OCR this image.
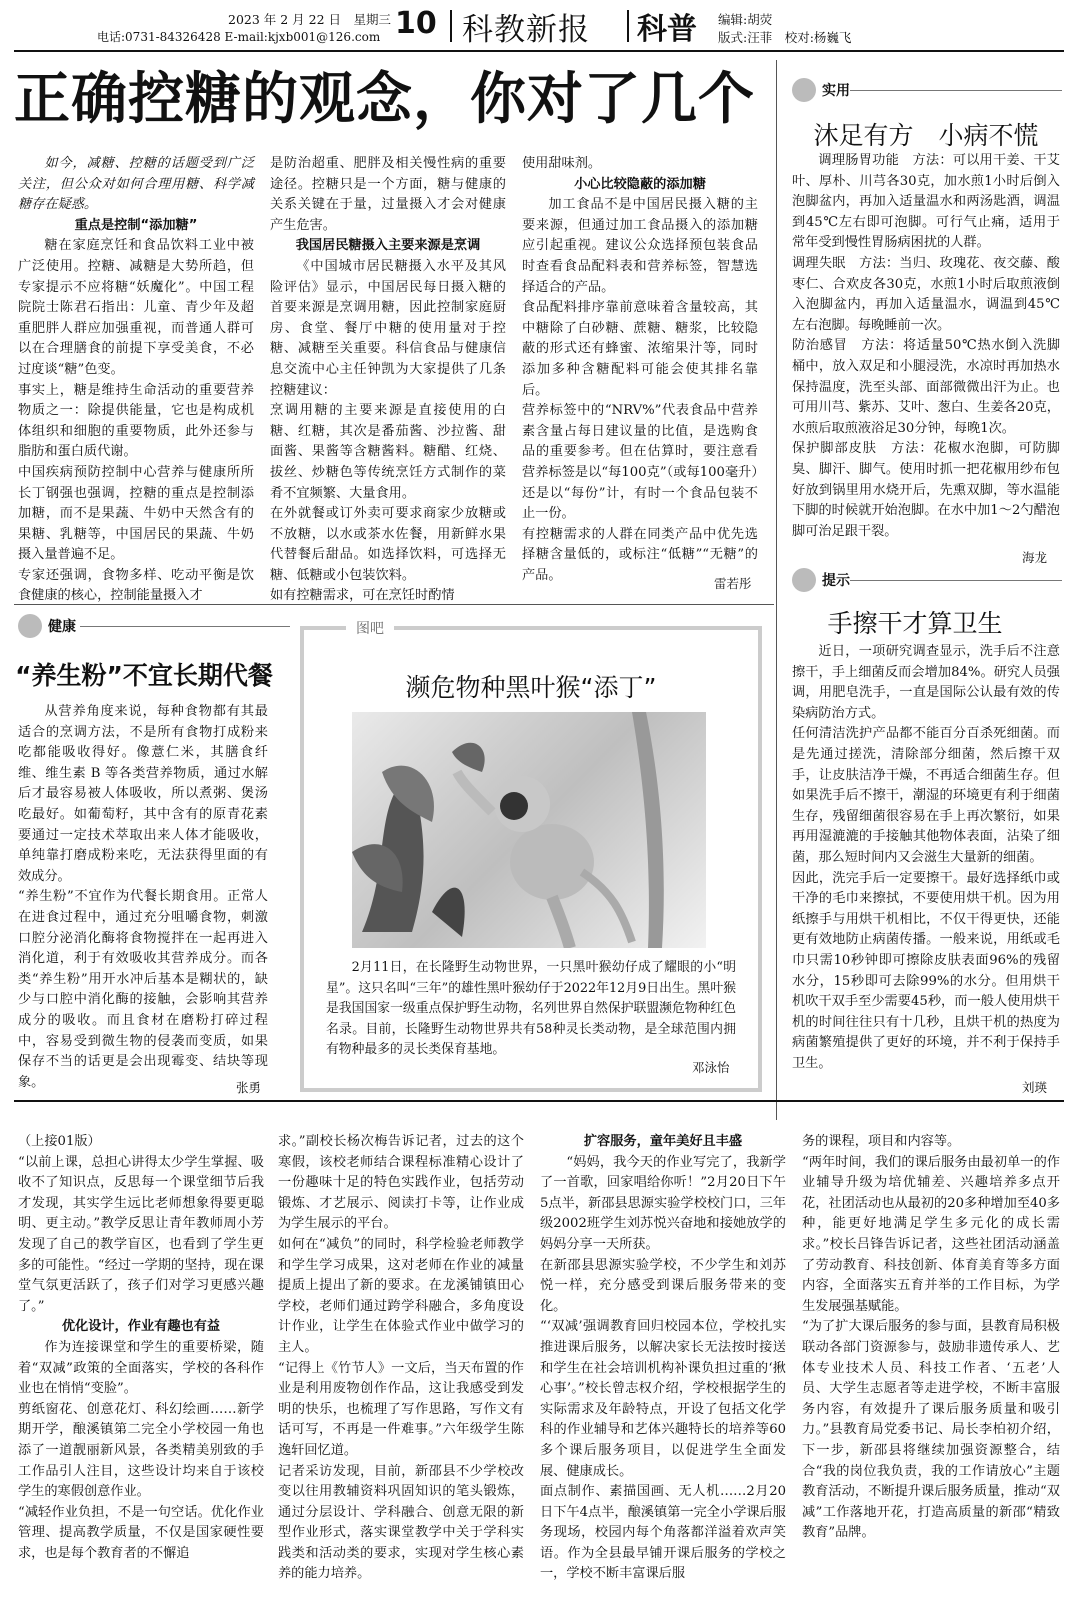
2023 年 2 月 22 日　星期三
电话:0731-84326428 E-mail:kjxb001@126.com 10 科教新报 科普 编辑:胡荧
版式:汪菲　校对:杨巍飞
正确控糖的观念，你对了几个
如今，减糖、控糖的话题受到广泛关注，但公众对如何合理用糖、科学减糖存在疑惑。
重点是控制“添加糖”
糖在家庭烹饪和食品饮料工业中被广泛使用。控糖、减糖是大势所趋，但专家提示不应将糖“妖魔化”。中国工程院院士陈君石指出：儿童、青少年及超重肥胖人群应加强重视，而普通人群可以在合理膳食的前提下享受美食，不必过度谈“糖”色变。
事实上，糖是维持生命活动的重要营养物质之一：除提供能量，它也是构成机体组织和细胞的重要物质，此外还参与脂肪和蛋白质代谢。
中国疾病预防控制中心营养与健康所所长丁钢强也强调，控糖的重点是控制添加糖，而不是果蔬、牛奶中天然含有的果糖、乳糖等，中国居民的果蔬、牛奶摄入量普遍不足。
专家还强调，食物多样、吃动平衡是饮食健康的核心，控制能量摄入才
是防治超重、肥胖及相关慢性病的重要途径。控糖只是一个方面，糖与健康的关系关键在于量，过量摄入才会对健康产生危害。
我国居民糖摄入主要来源是烹调
《中国城市居民糖摄入水平及其风险评估》显示，中国居民每日摄入糖的首要来源是烹调用糖，因此控制家庭厨房、食堂、餐厅中糖的使用量对于控糖、减糖至关重要。科信食品与健康信息交流中心主任钟凯为大家提供了几条控糖建议：
烹调用糖的主要来源是直接使用的白糖、红糖，其次是番茄酱、沙拉酱、甜面酱、果酱等含糖酱料。糖醋、红烧、拔丝、炒糖色等传统烹饪方式制作的菜肴不宜频繁、大量食用。
在外就餐或订外卖可要求商家少放糖或不放糖，以水或茶水佐餐，用新鲜水果代替餐后甜品。如选择饮料，可选择无糖、低糖或小包装饮料。
如有控糖需求，可在烹饪时酌情
使用甜味剂。
小心比较隐蔽的添加糖
加工食品不是中国居民摄入糖的主要来源，但通过加工食品摄入的添加糖应引起重视。建议公众选择预包装食品时查看食品配料表和营养标签，智慧选择适合的产品。
食品配料排序靠前意味着含量较高，其中糖除了白砂糖、蔗糖、糖浆，比较隐蔽的形式还有蜂蜜、浓缩果汁等，同时添加多种含糖配料可能会使其排名靠后。
营养标签中的“NRV%”代表食品中营养素含量占每日建议量的比值，是选购食品的重要参考。但在估算时，要注意看营养标签是以“每100克”（或每100毫升）还是以“每份”计，有时一个食品包装不止一份。
有控糖需求的人群在同类产品中优先选择糖含量低的，或标注“低糖”“无糖”的产品。
雷若彤
实用
沐足有方　小病不慌
调理肠胃功能　方法：可以用干姜、干艾叶、厚朴、川芎各30克，加水煎1小时后倒入泡脚盆内，再加入适量温水和两汤匙酒，调温到45℃左右即可泡脚。可行气止痛，适用于常年受到慢性胃肠病困扰的人群。
调理失眠　方法：当归、玫瑰花、夜交藤、酸枣仁、合欢皮各30克，水煎1小时后取煎液倒入泡脚盆内，再加入适量温水，调温到45℃左右泡脚。每晚睡前一次。
防治感冒　方法：将适量50℃热水倒入洗脚桶中，放入双足和小腿浸洗，水凉时再加热水保持温度，洗至头部、面部微微出汗为止。也可用川芎、紫苏、艾叶、葱白、生姜各20克，水煎后取煎液浴足30分钟，每晚1次。
保护脚部皮肤　方法：花椒水泡脚，可防脚臭、脚汗、脚气。使用时抓一把花椒用纱布包好放到锅里用水烧开后，先熏双脚，等水温能下脚的时候就开始泡脚。在水中加1～2勺醋泡脚可治足跟干裂。
海龙
提示
手擦干才算卫生
近日，一项研究调查显示，洗手后不注意擦干，手上细菌反而会增加84%。研究人员强调，用肥皂洗手，一直是国际公认最有效的传染病防治方式。
任何清洁洗护产品都不能百分百杀死细菌。而是先通过搓洗，清除部分细菌，然后擦干双手，让皮肤洁净干燥，不再适合细菌生存。但如果洗手后不擦干，潮湿的环境更有利于细菌生存，残留细菌很容易在手上再次繁衍，如果再用湿漉漉的手接触其他物体表面，沾染了细菌，那么短时间内又会滋生大量新的细菌。
因此，洗完手后一定要擦干。最好选择纸巾或干净的毛巾来擦拭，不要使用烘干机。因为用纸擦手与用烘干机相比，不仅干得更快，还能更有效地防止病菌传播。一般来说，用纸或毛巾只需10秒钟即可擦除皮肤表面96%的残留水分，15秒即可去除99%的水分。但用烘干机吹干双手至少需要45秒，而一般人使用烘干机的时间往往只有十几秒，且烘干机的热度为病菌繁殖提供了更好的环境，并不利于保持手卫生。
刘瑛
健康
“养生粉”不宜长期代餐
从营养角度来说，每种食物都有其最适合的烹调方法，不是所有食物打成粉来吃都能吸收得好。像薏仁米，其膳食纤维、维生素 B 等各类营养物质，通过水解后才最容易被人体吸收，所以煮粥、煲汤吃最好。如葡萄籽，其中含有的原青花素要通过一定技术萃取出来人体才能吸收，单纯靠打磨成粉来吃，无法获得里面的有效成分。
“养生粉”不宜作为代餐长期食用。正常人在进食过程中，通过充分咀嚼食物，刺激口腔分泌消化酶将食物搅拌在一起再进入消化道，利于有效吸收其营养成分。而各类“养生粉”用开水冲后基本是糊状的，缺少与口腔中消化酶的接触，会影响其营养成分的吸收。而且食材在磨粉打碎过程中，容易受到微生物的侵袭而变质，如果保存不当的话更是会出现霉变、结块等现象。	张勇
图吧
濒危物种黑叶猴“添丁”
2月11日，在长隆野生动物世界，一只黑叶猴幼仔成了耀眼的小“明星”。这只名叫“三年”的雄性黑叶猴幼仔于2022年12月9日出生。黑叶猴是我国国家一级重点保护野生动物，名列世界自然保护联盟濒危物种红色名录。目前，长隆野生动物世界共有58种灵长类动物，是全球范围内拥有物种最多的灵长类保育基地。
邓泳怡
（上接01版）
“以前上课，总担心讲得太少学生掌握、吸收不了知识点，反思每一个课堂细节后我才发现，其实学生远比老师想象得要更聪明、更主动。”教学反思让青年教师周小芳发现了自己的教学盲区，也看到了学生更多的可能性。“经过一学期的坚持，现在课堂气氛更活跃了，孩子们对学习更感兴趣了。”
优化设计，作业有趣也有益
作为连接课堂和学生的重要桥梁，随着“双减”政策的全面落实，学校的各科作业也在悄悄“变脸”。
剪纸窗花、创意花灯、科幻绘画……新学期开学，酿溪镇第二完全小学校园一角也添了一道靓丽新风景，各类精美别致的手工作品引人注目，这些设计均来自于该校学生的寒假创意作业。
“减轻作业负担，不是一句空话。优化作业管理、提高教学质量，不仅是国家硬性要求，也是每个教育者的不懈追
求。”副校长杨次梅告诉记者，过去的这个寒假，该校老师结合课程标准精心设计了一份趣味十足的特色实践作业，包括劳动锻炼、才艺展示、阅读打卡等，让作业成为学生展示的平台。
如何在“减负”的同时，科学检验老师教学和学生学习成果，这对老师在作业的减量提质上提出了新的要求。在龙溪铺镇田心学校，老师们通过跨学科融合，多角度设计作业，让学生在体验式作业中做学习的主人。
“记得上《竹节人》一文后，当天布置的作业是利用废物创作作品，这让我感受到发明的快乐，也梳理了写作思路，写作文有话可写，不再是一件难事。”六年级学生陈逸轩回忆道。
记者采访发现，目前，新邵县不少学校改变以往用教辅资料巩固知识的笔头锻炼，通过分层设计、学科融合、创意无限的新型作业形式，落实课堂教学中关于学科实践类和活动类的要求，实现对学生核心素养的能力培养。
扩容服务，童年美好且丰盛
“妈妈，我今天的作业写完了，我新学了一首歌，回家唱给你听！”2月20日下午5点半，新邵县思源实验学校校门口，三年级2002班学生刘苏悦兴奋地和接她放学的妈妈分享一天所获。
在新邵县思源实验学校，不少学生和刘苏悦一样，充分感受到课后服务带来的变化。
“‘双减’强调教育回归校园本位，学校扎实推进课后服务，以解决家长无法按时接送和学生在社会培训机构补课负担过重的‘揪心事’。”校长曾志权介绍，学校根据学生的实际需求及年龄特点，开设了包括文化学科的作业辅导和艺体兴趣特长的培养等60多个课后服务项目，以促进学生全面发展、健康成长。
面点制作、素描国画、无人机……2月20日下午4点半，酿溪镇第一完全小学课后服务现场，校园内每个角落都洋溢着欢声笑语。作为全县最早铺开课后服务的学校之一，学校不断丰富课后服
务的课程，项目和内容等。
“两年时间，我们的课后服务由最初单一的作业辅导升级为培优辅差、兴趣培养多点开花，社团活动也从最初的20多种增加至40多种，能更好地满足学生多元化的成长需求。”校长吕锋告诉记者，这些社团活动涵盖了劳动教育、科技创新、体育美育等多方面内容，全面落实五育并举的工作目标，为学生发展强基赋能。
“为了扩大课后服务的参与面，县教育局积极联动各部门资源参与，鼓励非遗传承人、艺体专业技术人员、科技工作者、‘五老’人员、大学生志愿者等走进学校，不断丰富服务内容，有效提升了课后服务质量和吸引力。”县教育局党委书记、局长李柏初介绍，下一步，新邵县将继续加强资源整合，结合“我的岗位我负责，我的工作请放心”主题教育活动，不断提升课后服务质量，推动“双减”工作落地开花，打造高质量的新邵“精致教育”品牌。
